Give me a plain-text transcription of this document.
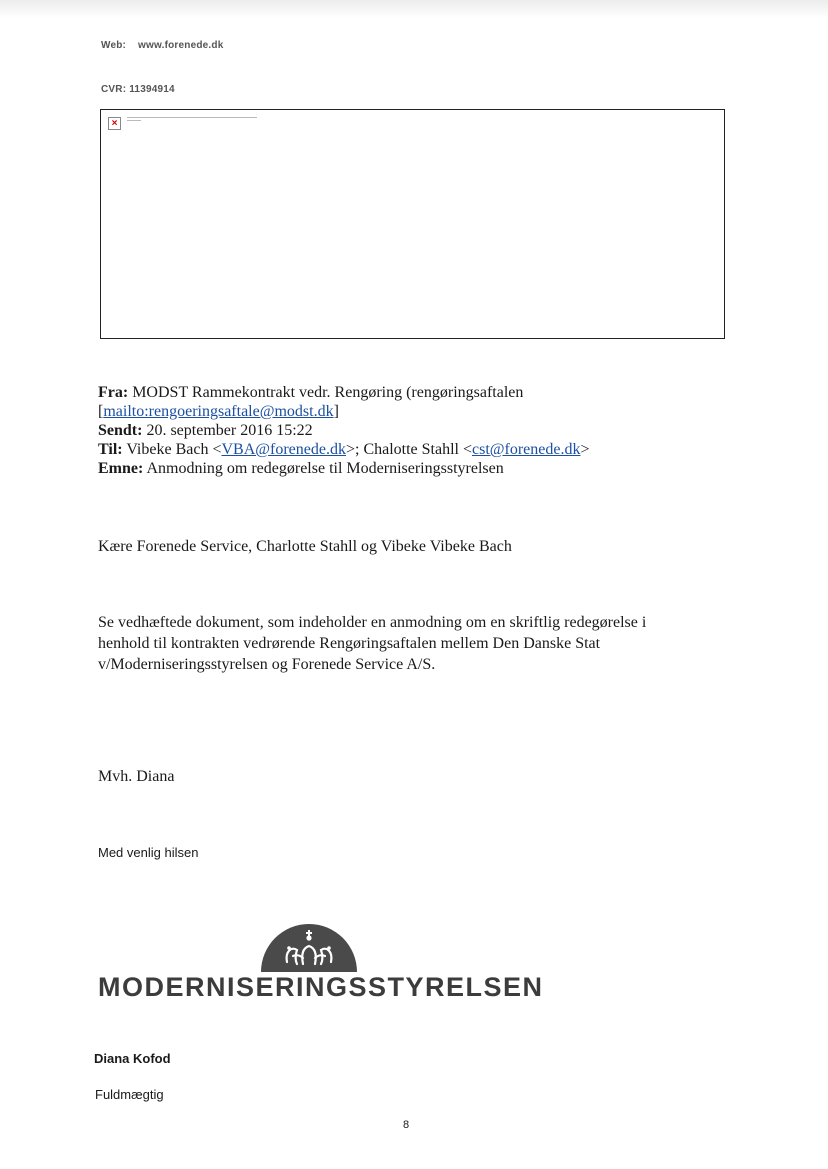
Web: www.forenede.dk
CVR: 11394914
×
Fra: MODST Rammekontrakt vedr. Rengøring (rengøringsaftalen
[mailto:rengoeringsaftale@modst.dk]
Sendt: 20. september 2016 15:22
Til: Vibeke Bach <VBA@forenede.dk>; Chalotte Stahll <cst@forenede.dk>
Emne: Anmodning om redegørelse til Moderniseringsstyrelsen
Kære Forenede Service, Charlotte Stahll og Vibeke Vibeke Bach
Se vedhæftede dokument, som indeholder en anmodning om en skriftlig redegørelse i
henhold til kontrakten vedrørende Rengøringsaftalen mellem Den Danske Stat
v/Moderniseringsstyrelsen og Forenede Service A/S.
Mvh. Diana
Med venlig hilsen
MODERNISERINGSSTYRELSEN
Diana Kofod
Fuldmægtig
8
